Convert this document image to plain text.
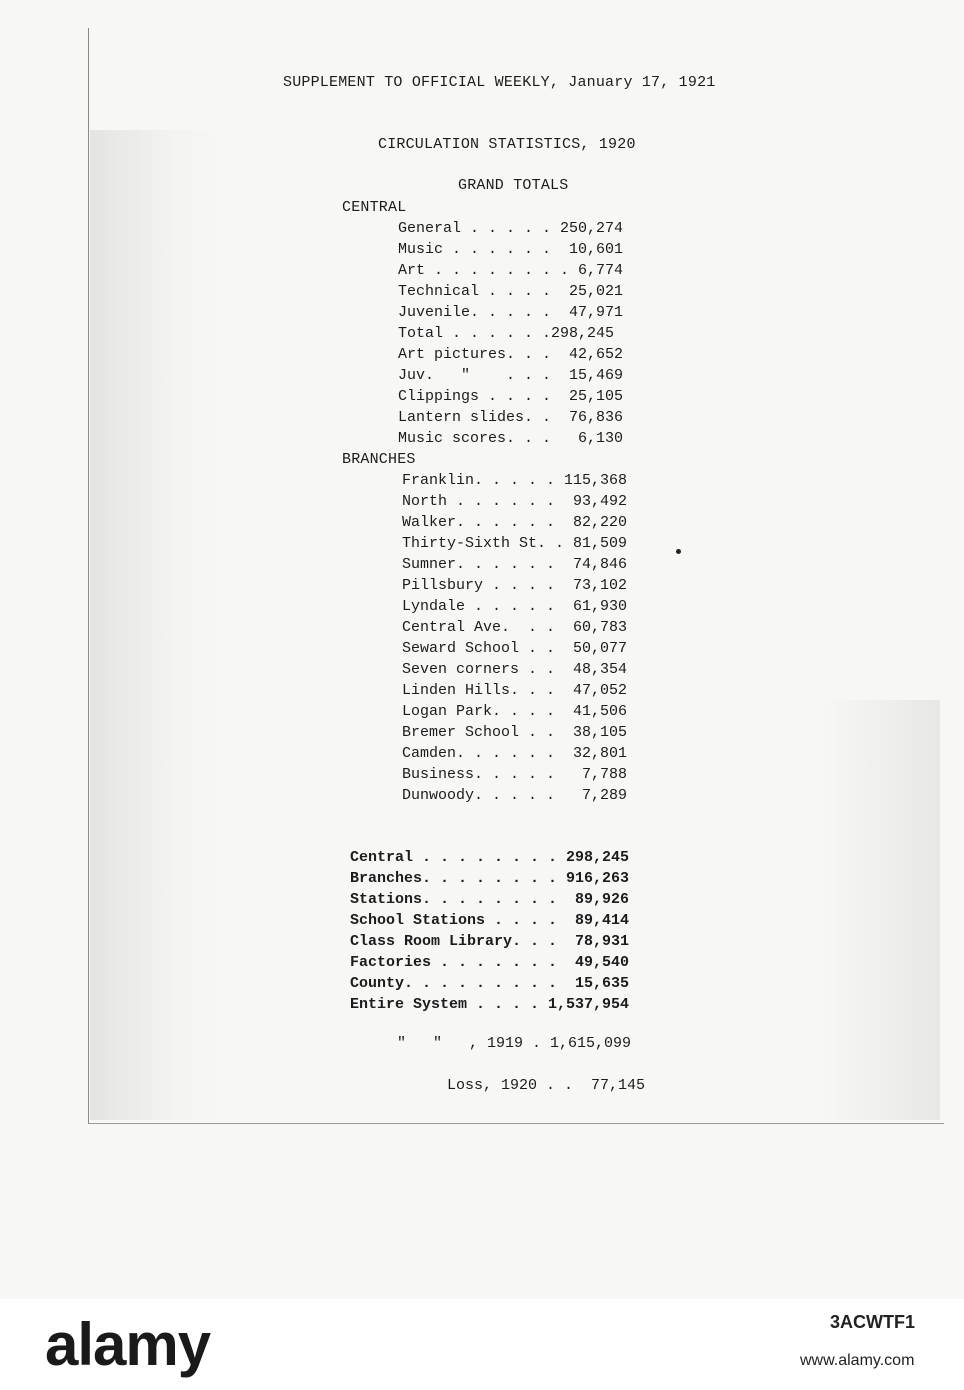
SUPPLEMENT TO OFFICIAL WEEKLY, January 17, 1921
CIRCULATION STATISTICS, 1920
GRAND TOTALS
CENTRAL
General . . . . . 250,274
Music . . . . . .  10,601
Art . . . . . . . . 6,774
Technical . . . .  25,021
Juvenile. . . . .  47,971
Total . . . . . .298,245
Art pictures. . .  42,652
Juv.   "    . . .  15,469
Clippings . . . .  25,105
Lantern slides. .  76,836
Music scores. . .   6,130
BRANCHES
Franklin. . . . . 115,368
North . . . . . .  93,492
Walker. . . . . .  82,220
Thirty-Sixth St. . 81,509
Sumner. . . . . .  74,846
Pillsbury . . . .  73,102
Lyndale . . . . .  61,930
Central Ave.  . .  60,783
Seward School . .  50,077
Seven corners . .  48,354
Linden Hills. . .  47,052
Logan Park. . . .  41,506
Bremer School . .  38,105
Camden. . . . . .  32,801
Business. . . . .   7,788
Dunwoody. . . . .   7,289
Central . . . . . . . . 298,245
Branches. . . . . . . . 916,263
Stations. . . . . . . .  89,926
School Stations . . . .  89,414
Class Room Library. . .  78,931
Factories . . . . . . .  49,540
County. . . . . . . . .  15,635
Entire System . . . . 1,537,954
"   "   , 1919 . 1,615,099
Loss, 1920 . .  77,145
alamy	3ACWTF1
www.alamy.com
